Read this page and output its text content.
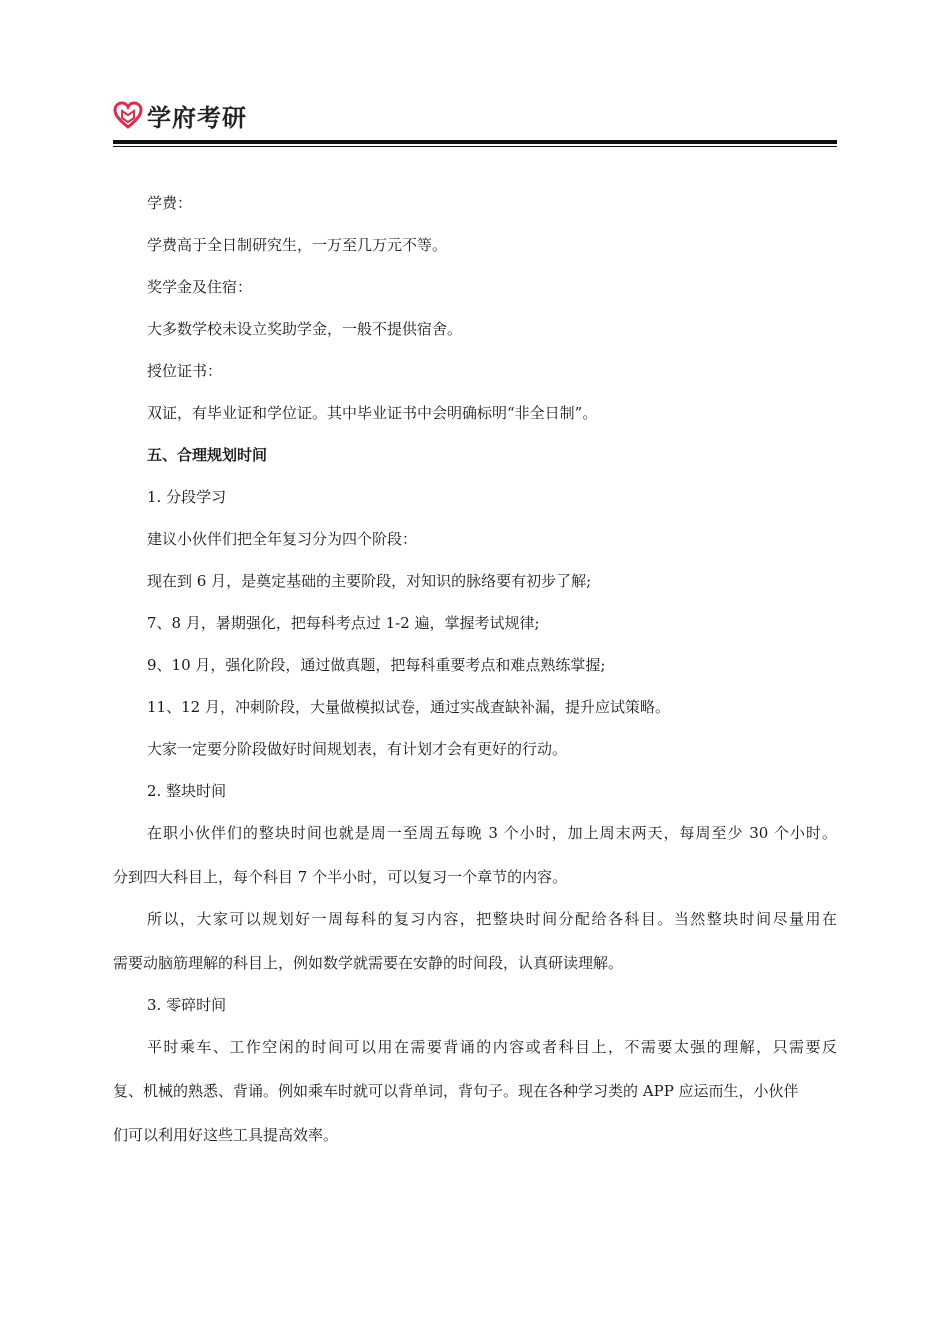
学府考研

学费：

学费高于全日制研究生，一万至几万元不等。

奖学金及住宿：

大多数学校未设立奖助学金，一般不提供宿舍。

授位证书：

双证，有毕业证和学位证。其中毕业证书中会明确标明“非全日制”。

五、合理规划时间

1. 分段学习

建议小伙伴们把全年复习分为四个阶段：

现在到 6 月，是奠定基础的主要阶段，对知识的脉络要有初步了解;

7、8 月，暑期强化，把每科考点过 1-2 遍，掌握考试规律;

9、10 月，强化阶段，通过做真题，把每科重要考点和难点熟练掌握;

11、12 月，冲刺阶段，大量做模拟试卷，通过实战查缺补漏，提升应试策略。

大家一定要分阶段做好时间规划表，有计划才会有更好的行动。

2. 整块时间

在职小伙伴们的整块时间也就是周一至周五每晚 3 个小时，加上周末两天，每周至少 30 个小时。
分到四大科目上，每个科目 7 个半小时，可以复习一个章节的内容。
所以，大家可以规划好一周每科的复习内容，把整块时间分配给各科目。当然整块时间尽量用在
需要动脑筋理解的科目上，例如数学就需要在安静的时间段，认真研读理解。

3. 零碎时间

平时乘车、工作空闲的时间可以用在需要背诵的内容或者科目上，不需要太强的理解，只需要反
复、机械的熟悉、背诵。例如乘车时就可以背单词，背句子。现在各种学习类的 APP 应运而生，小伙伴
们可以利用好这些工具提高效率。
